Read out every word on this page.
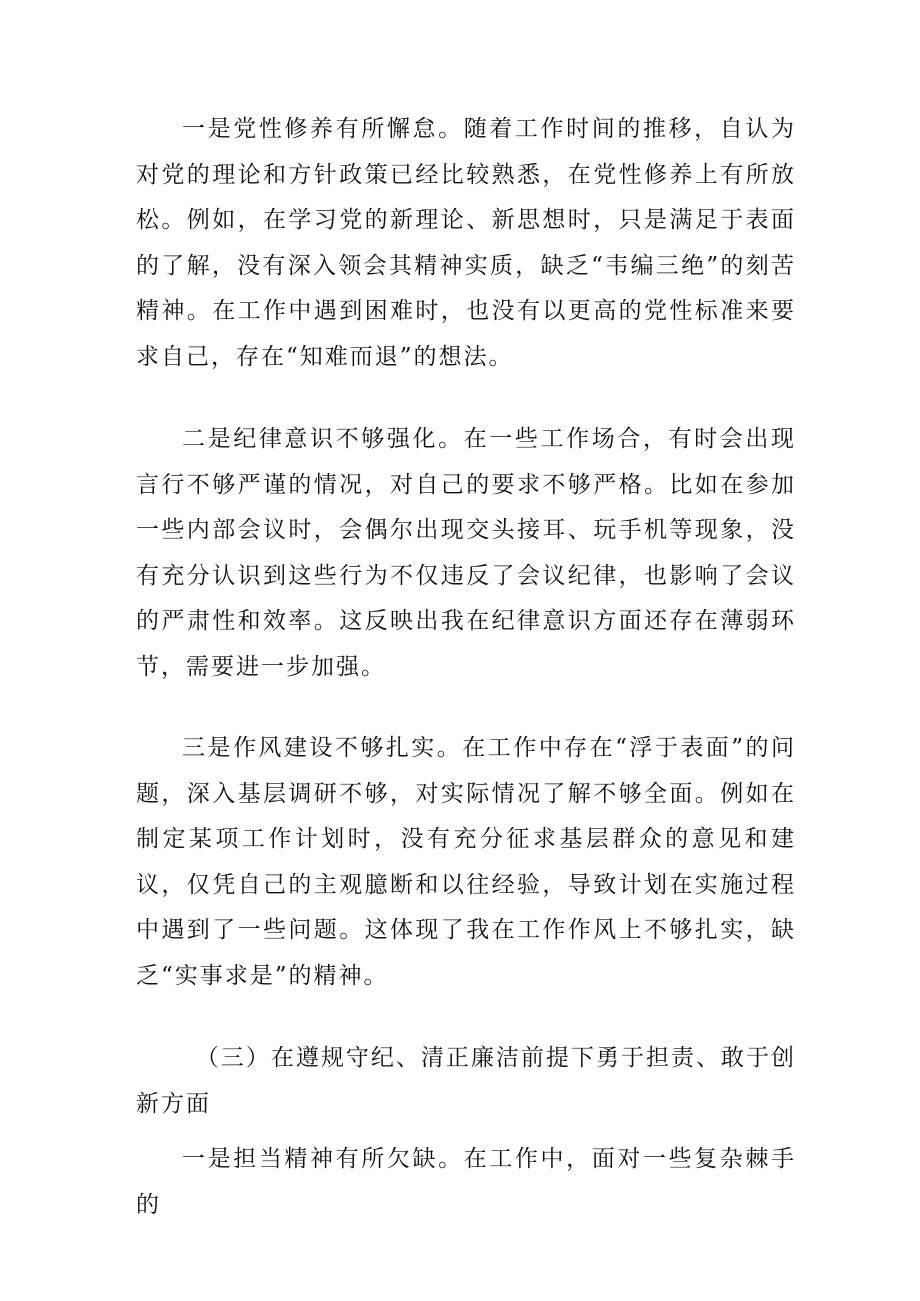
一是党性修养有所懈怠。随着工作时间的推移，自认为对党的理论和方针政策已经比较熟悉，在党性修养上有所放松。例如，在学习党的新理论、新思想时，只是满足于表面的了解，没有深入领会其精神实质，缺乏“韦编三绝”的刻苦精神。在工作中遇到困难时，也没有以更高的党性标准来要求自己，存在“知难而退”的想法。

二是纪律意识不够强化。在一些工作场合，有时会出现言行不够严谨的情况，对自己的要求不够严格。比如在参加一些内部会议时，会偶尔出现交头接耳、玩手机等现象，没有充分认识到这些行为不仅违反了会议纪律，也影响了会议的严肃性和效率。这反映出我在纪律意识方面还存在薄弱环节，需要进一步加强。

三是作风建设不够扎实。在工作中存在“浮于表面”的问题，深入基层调研不够，对实际情况了解不够全面。例如在制定某项工作计划时，没有充分征求基层群众的意见和建议，仅凭自己的主观臆断和以往经验，导致计划在实施过程中遇到了一些问题。这体现了我在工作作风上不够扎实，缺乏“实事求是”的精神。

（三）在遵规守纪、清正廉洁前提下勇于担责、敢于创新方面

一是担当精神有所欠缺。在工作中，面对一些复杂棘手的
